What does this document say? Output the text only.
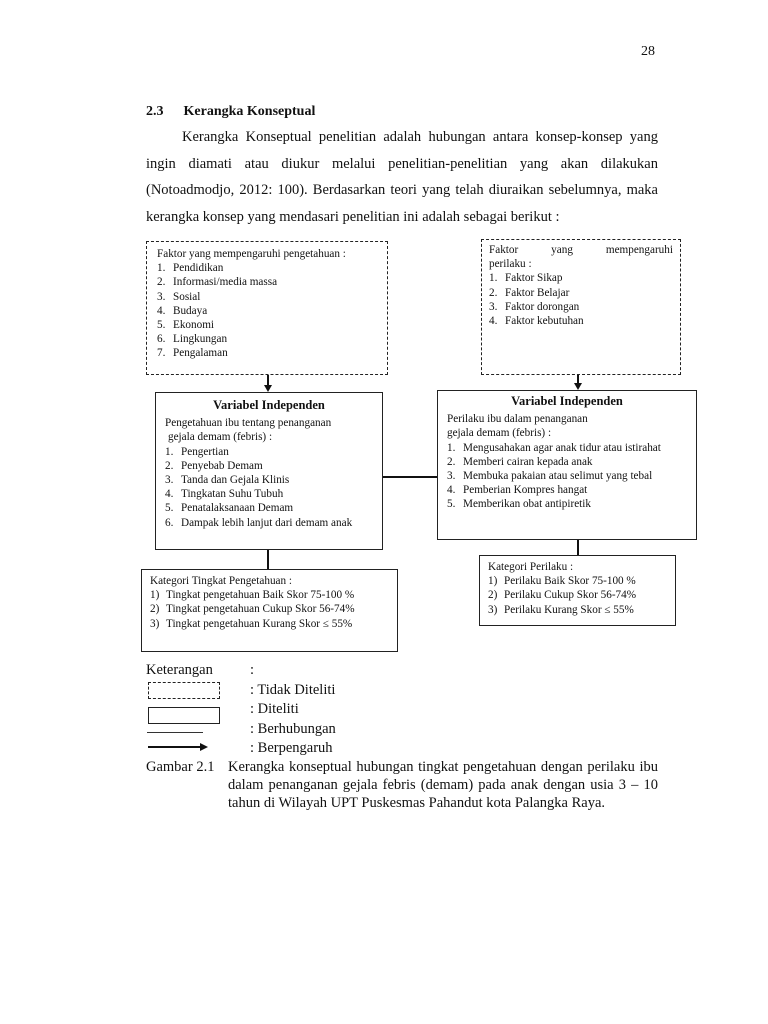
28
2.3 Kerangka Konseptual

Kerangka Konseptual penelitian adalah hubungan antara konsep-konsep yang ingin diamati atau diukur melalui penelitian-penelitian yang akan dilakukan (Notoadmodjo, 2012: 100). Berdasarkan teori yang telah diuraikan sebelumnya, maka kerangka konsep yang mendasari penelitian ini adalah sebagai berikut :

Faktor yang mempengaruhi pengetahuan :
1. Pendidikan
2. Informasi/media massa
3. Sosial
4. Budaya
5. Ekonomi
6. Lingkungan
7. Pengalaman
Faktor	yang	mempengaruhi
perilaku :
1. Faktor Sikap
2. Faktor Belajar
3. Faktor dorongan
4. Faktor kebutuhan
Variabel Independen
Pengetahuan ibu tentang penanganan
gejala demam (febris) :
1. Pengertian
2. Penyebab Demam
3. Tanda dan Gejala Klinis
4. Tingkatan Suhu Tubuh
5. Penatalaksanaan Demam
6. Dampak lebih lanjut dari demam anak
Variabel Independen
Perilaku ibu dalam penanganan
gejala demam (febris) :
1. Mengusahakan agar anak tidur atau istirahat
2. Memberi cairan kepada anak
3. Membuka pakaian atau selimut yang tebal
4. Pemberian Kompres hangat
5. Memberikan obat antipiretik
Kategori Tingkat Pengetahuan :
1) Tingkat pengetahuan Baik Skor 75-100 %
2) Tingkat pengetahuan Cukup Skor 56-74%
3) Tingkat pengetahuan Kurang Skor ≤ 55%
Kategori Perilaku :
1) Perilaku Baik Skor 75-100 %
2) Perilaku Cukup Skor 56-74%
3) Perilaku Kurang Skor ≤ 55%
Keterangan	:
: Tidak Diteliti
: Diteliti
: Berhubungan
: Berpengaruh
Gambar 2.1 Kerangka konseptual hubungan tingkat pengetahuan dengan perilaku ibu dalam penanganan gejala febris (demam) pada anak dengan usia 3 – 10 tahun di Wilayah UPT Puskesmas Pahandut kota Palangka Raya.
